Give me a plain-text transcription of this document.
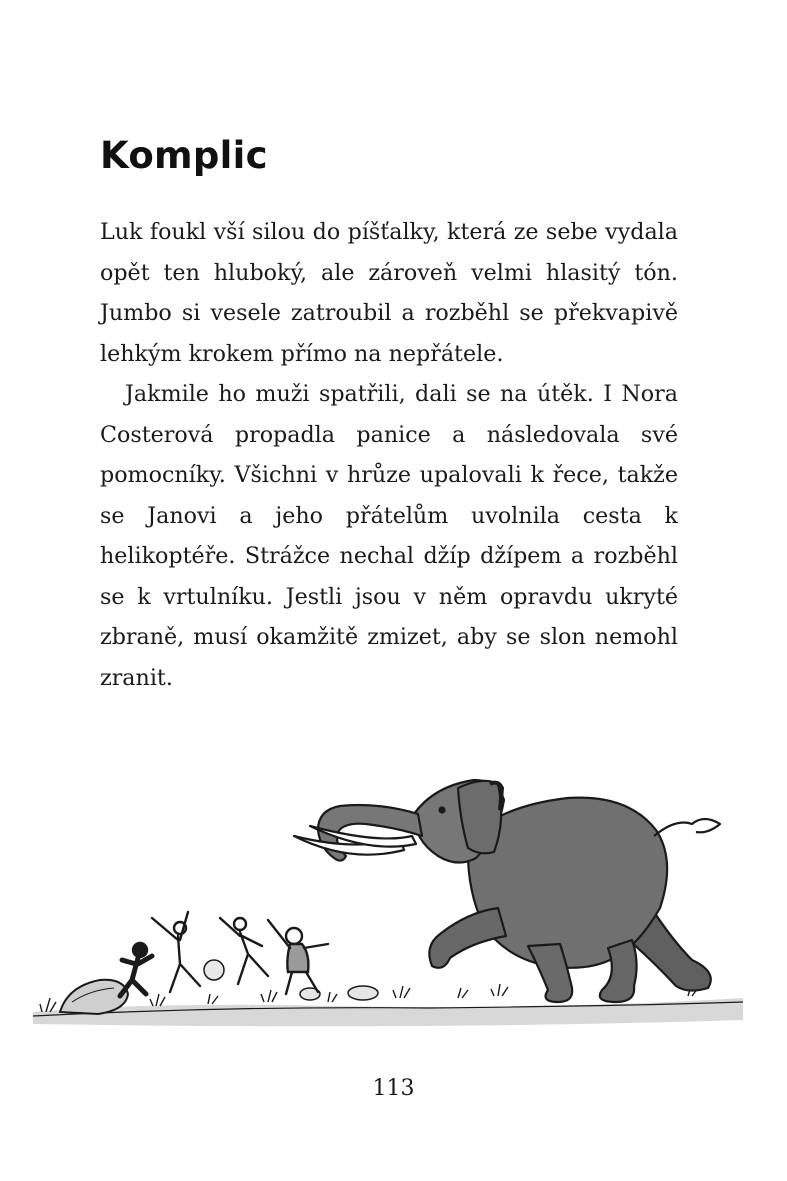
Komplic

Luk foukl vší silou do píšťalky, která ze sebe vydala opět ten hluboký, ale zároveň velmi hlasitý tón. Jumbo si vesele zatroubil a rozběhl se překvapivě lehkým krokem přímo na nepřátele.

Jakmile ho muži spatřili, dali se na útěk. I Nora Costerová propadla panice a následovala své pomocníky. Všichni v hrůze upalovali k řece, takže se Janovi a jeho přátelům uvolnila cesta k helikoptéře. Strážce nechal džíp džípem a rozběhl se k vrtulníku. Jestli jsou v něm opravdu ukryté zbraně, musí okamžitě zmizet, aby se slon nemohl zranit.

113
